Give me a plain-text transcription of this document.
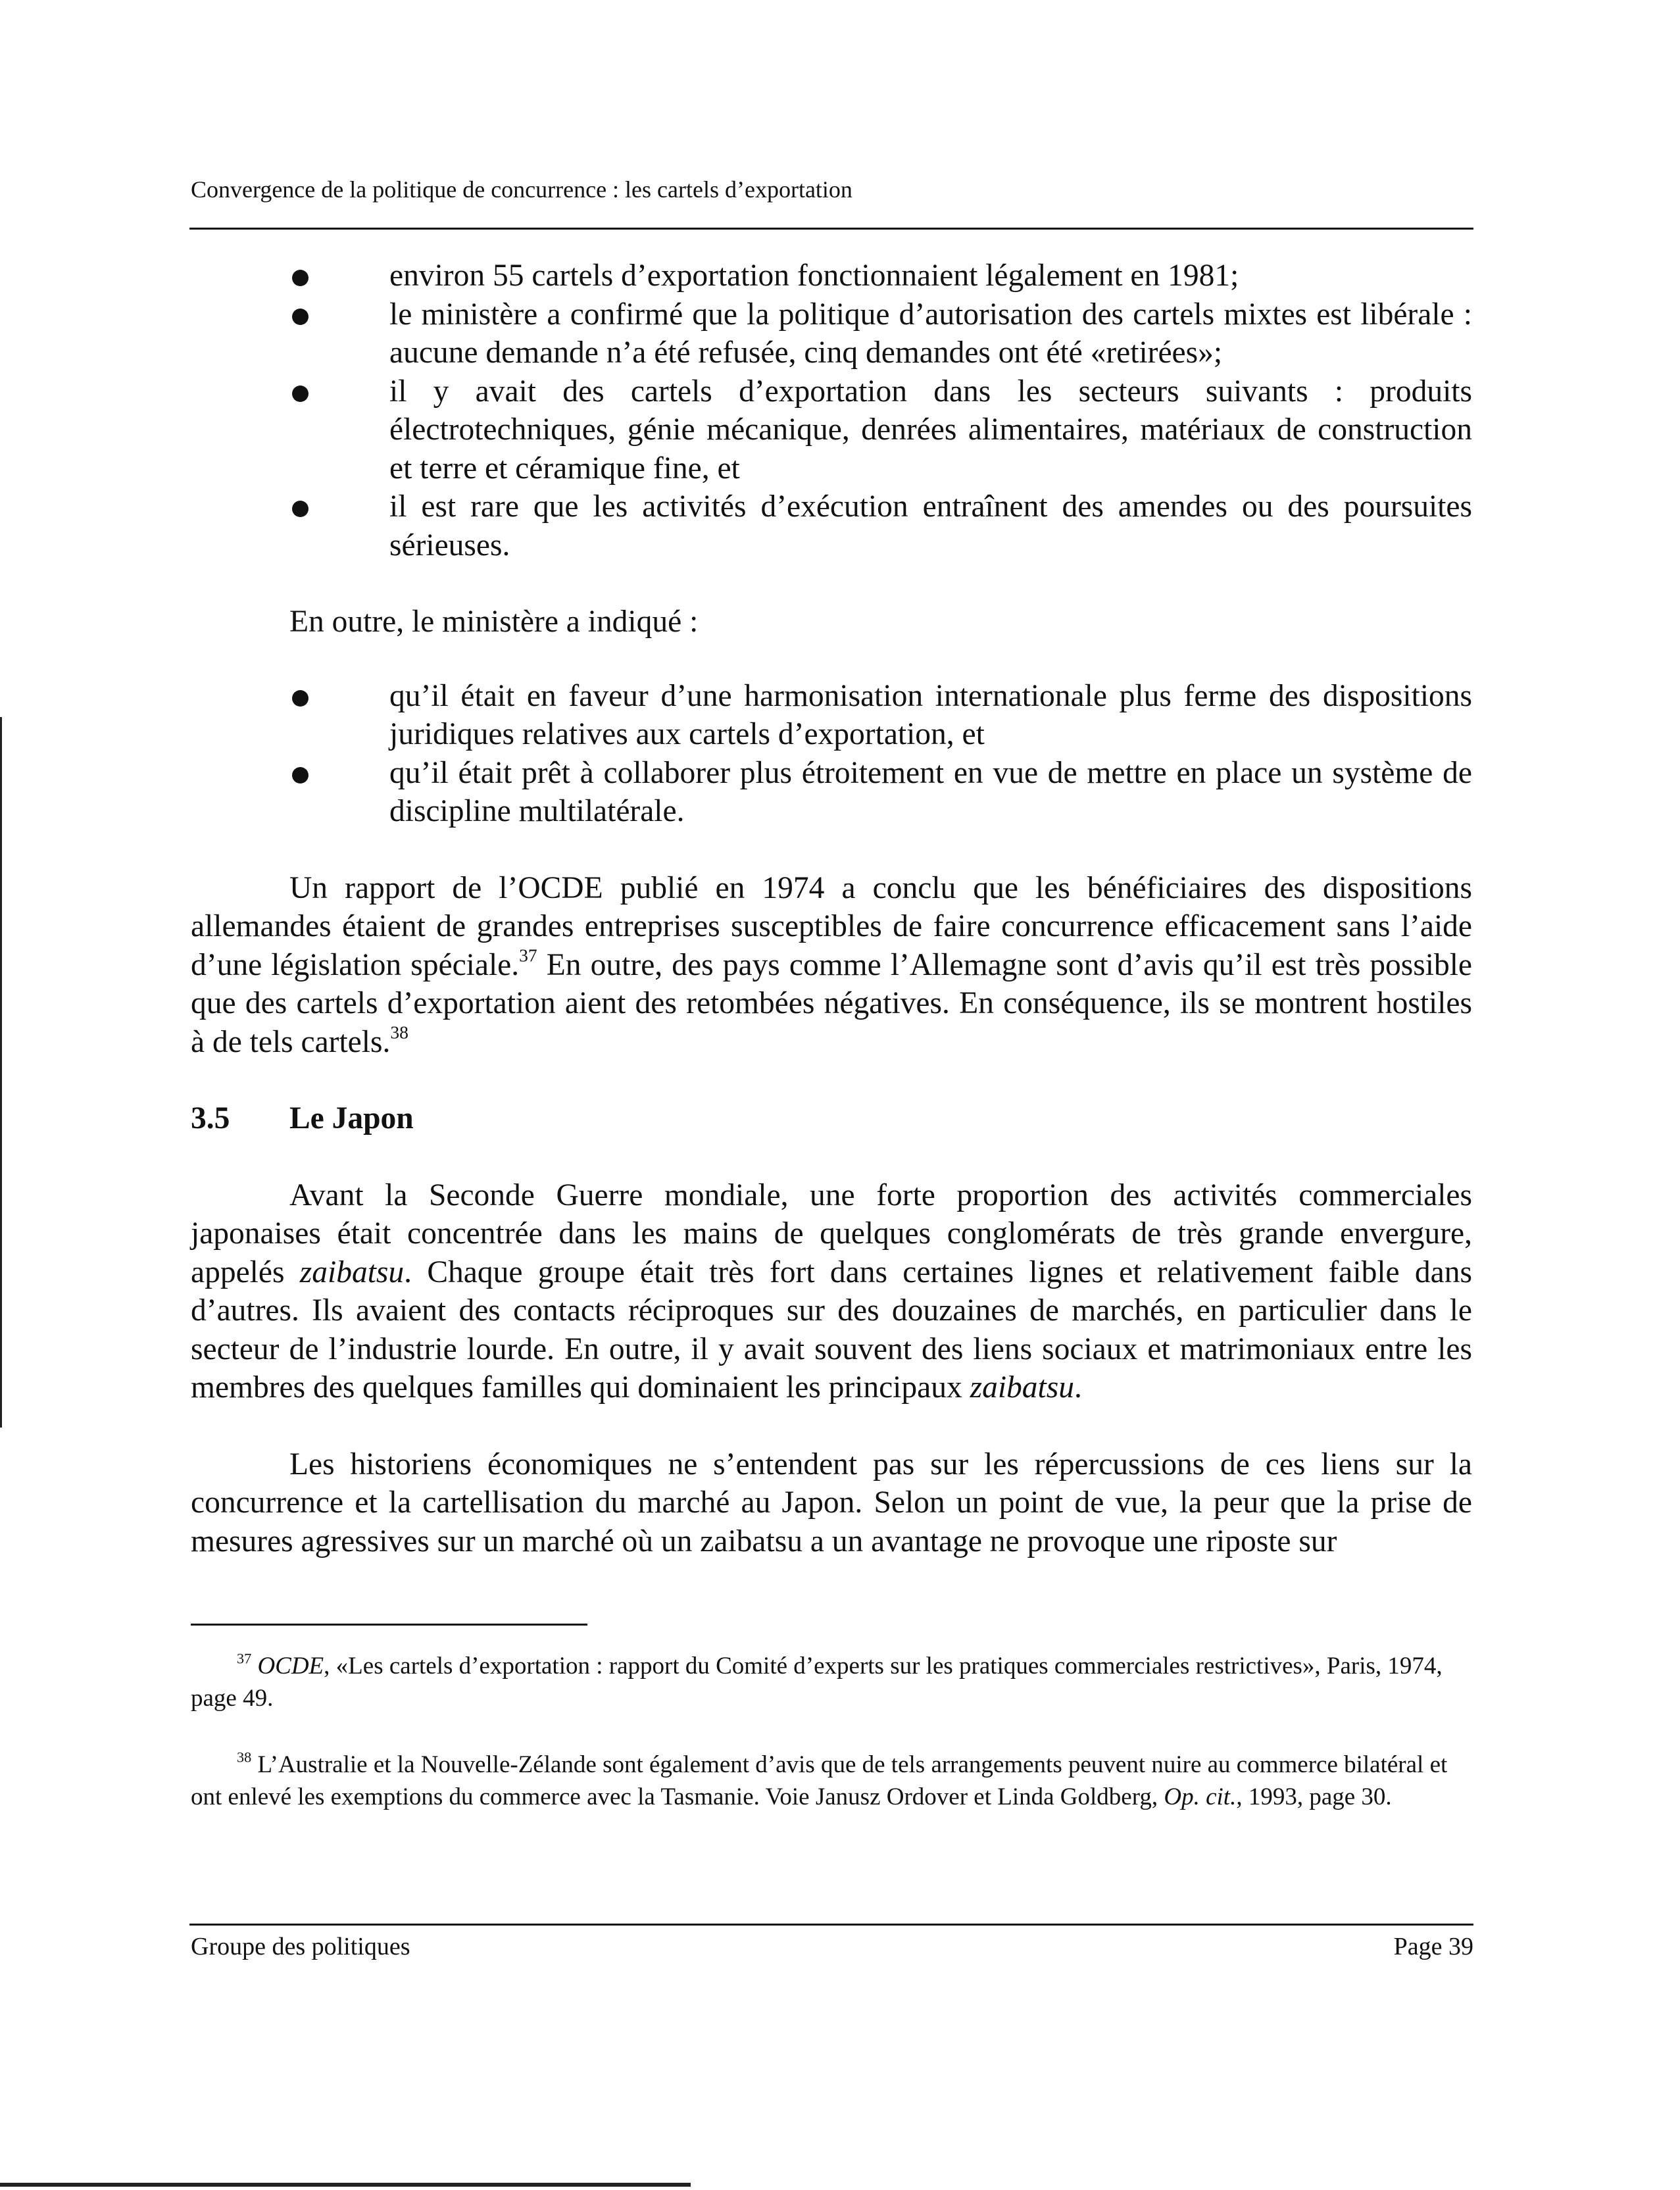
Convergence de la politique de concurrence : les cartels d’exportation
environ 55 cartels d’exportation fonctionnaient légalement en 1981;
le ministère a confirmé que la politique d’autorisation des cartels mixtes est libérale : aucune demande n’a été refusée, cinq demandes ont été «retirées»;
il y avait des cartels d’exportation dans les secteurs suivants : produits électrotechniques, génie mécanique, denrées alimentaires, matériaux de construction et terre et céramique fine, et
il est rare que les activités d’exécution entraînent des amendes ou des poursuites sérieuses.

En outre, le ministère a indiqué :

qu’il était en faveur d’une harmonisation internationale plus ferme des dispositions juridiques relatives aux cartels d’exportation, et
qu’il était prêt à collaborer plus étroitement en vue de mettre en place un système de discipline multilatérale.

Un rapport de l’OCDE publié en 1974 a conclu que les bénéficiaires des dispositions allemandes étaient de grandes entreprises susceptibles de faire concurrence efficacement sans l’aide d’une législation spéciale.$^{37}$ En outre, des pays comme l’Allemagne sont d’avis qu’il est très possible que des cartels d’exportation aient des retombées négatives. En conséquence, ils se montrent hostiles à de tels cartels.$^{38}$

3.5 Le Japon

Avant la Seconde Guerre mondiale, une forte proportion des activités commerciales japonaises était concentrée dans les mains de quelques conglomérats de très grande envergure, appelés zaibatsu. Chaque groupe était très fort dans certaines lignes et relativement faible dans d’autres. Ils avaient des contacts réciproques sur des douzaines de marchés, en particulier dans le secteur de l’industrie lourde. En outre, il y avait souvent des liens sociaux et matrimoniaux entre les membres des quelques familles qui dominaient les principaux zaibatsu.

Les historiens économiques ne s’entendent pas sur les répercussions de ces liens sur la concurrence et la cartellisation du marché au Japon. Selon un point de vue, la peur que la prise de mesures agressives sur un marché où un zaibatsu a un avantage ne provoque une riposte sur

$^{37}$ OCDE, «Les cartels d’exportation : rapport du Comité d’experts sur les pratiques commerciales restrictives», Paris, 1974, page 49.

$^{38}$ L’Australie et la Nouvelle-Zélande sont également d’avis que de tels arrangements peuvent nuire au commerce bilatéral et ont enlevé les exemptions du commerce avec la Tasmanie. Voie Janusz Ordover et Linda Goldberg, Op. cit., 1993, page 30.

Groupe des politiques	Page 39
